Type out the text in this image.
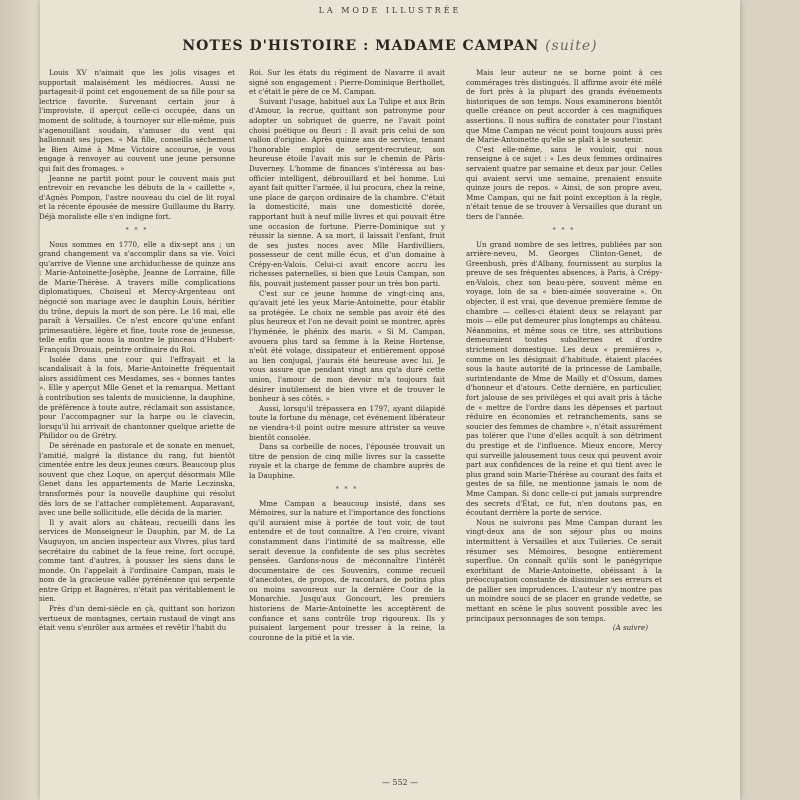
LA MODE ILLUSTRÉE
NOTES D'HISTOIRE : MADAME CAMPAN (suite)

Louis XV n'aimait que les jolis visages et supportait malaisément les médiocres. Aussi ne partageait-il point cet engouement de sa fille pour sa lectrice favorite. Survenant certain jour à l'improviste, il aperçut celle-ci occupée, dans un moment de solitude, à tournoyer sur elle-même, puis s'agenouillant soudain, s'amuser du vent qui ballonnait ses jupes. « Ma fille, conseilla sèchement le Bien Aimé à Mme Victoire accourue, je vous engage à renvoyer au couvent une jeune personne qui fait des fromages. »

Jeanne ne partit point pour le couvent mais put entrevoir en revanche les débuts de la « caillette », d'Agnès Pompon, l'astre nouveau du ciel de lit royal et la récente épousée de messire Guillaume du Barry. Déjà moraliste elle s'en indigne fort.

* * *

Nous sommes en 1770, elle a dix-sept ans ; un grand changement va s'accomplir dans sa vie. Voici qu'arrive de Vienne une archiduchesse de quinze ans : Marie-Antoinette-Josèphe, Jeanne de Lorraine, fille de Marie-Thérèse. A travers mille complications diplomatiques, Choiseul et Mercy-Argenteau ont négocié son mariage avec le dauphin Louis, héritier du trône, depuis la mort de son père. Le 16 mai, elle paraît à Versailles. Ce n'est encore qu'une enfant primesautière, légère et fine, toute rose de jeunesse, telle enfin que nous la montre le pinceau d'Hubert-François Drouais, peintre ordinaire du Roi.

Isolée dans une cour qui l'effrayait et la scandalisait à la fois, Marie-Antoinette fréquentait alors assidûment ces Mesdames, ses « bonnes tantes ». Elle y aperçut Mlle Genet et la remarqua. Mettant à contribution ses talents de musicienne, la dauphine, de préférence à toute autre, réclamait son assistance, pour l'accompagner sur la harpe ou le clavecin, lorsqu'il lui arrivait de chantonner quelque ariette de Philidor ou de Grétry.

De sérénade en pastorale et de sonate en menuet, l'amitié, malgré la distance du rang, fut bientôt cimentée entre les deux jeunes cœurs. Beaucoup plus souvent que chez Loque, on aperçut désormais Mlle Genet dans les appartements de Marie Leczinska, transformés pour la nouvelle dauphine qui résolut dès lors de se l'attacher complètement. Auparavant, avec une belle sollicitude, elle décida de la marier.

Il y avait alors au château, recueilli dans les services de Monseigneur le Dauphin, par M. de La Vauguyon, un ancien inspecteur aux Vivres, plus tard secrétaire du cabinet de la feue reine, fort occupé, comme tant d'autres, à pousser les siens dans le monde. On l'appelait à l'ordinaire Campan, mais le nom de la gracieuse vallée pyrénéenne qui serpente entre Gripp et Bagnères, n'était pas véritablement le sien.

Près d'un demi-siècle en çà, quittant son horizon vertueux de montagnes, certain rustaud de vingt ans était venu s'enrôler aux armées et revêtir l'habit du

Roi. Sur les états du régiment de Navarre il avait signé son engagement : Pierre-Dominique Berthollet, et c'était le père de ce M. Campan.

Suivant l'usage, habituel aux La Tulipe et aux Brin d'Amour, la recrue, quittant son patronyme pour adopter un sobriquet de guerre, ne l'avait point choisi poétique ou fleuri : Il avait pris celui de son vallon d'origine. Après quinze ans de service, tenant l'honorable emploi de sergent-recruteur, son heureuse étoile l'avait mis sur le chemin de Pâris-Duverney. L'homme de finances s'intéressa au bas-officier intelligent, débrouillard et bel homme. Lui ayant fait quitter l'armée, il lui procura, chez la reine, une place de garçon ordinaire de la chambre. C'était la domesticité, mais une domesticité dorée, rapportant huit à neuf mille livres et qui pouvait être une occasion de fortune. Pierre-Dominique sut y réussir la sienne. A sa mort, il laissait l'enfant, fruit de ses justes noces avec Mlle Hardivilliers, possesseur de cent mille écus, et d'un domaine à Crépy-en-Valois. Celui-ci avait encore accru les richesses paternelles, si bien que Louis Campan, son fils, pouvait justement passer pour un très bon parti.

C'est sur ce jeune homme de vingt-cinq ans, qu'avait jeté les yeux Marie-Antoinette, pour établir sa protégée. Le choix ne semble pas avoir été des plus heureux et l'on ne devait point se montrer, après l'hyménée, le phénix des maris. « Si M. Campan, avouera plus tard sa femme à la Reine Hortense, n'eût été volage, dissipateur et entièrement opposé au lien conjugal, j'aurais été heureuse avec lui. Je vous assure que pendant vingt ans qu'a duré cette union, l'amour de mon devoir m'a toujours fait désirer inutilement de bien vivre et de trouver le bonheur à ses côtés. »

Aussi, lorsqu'il trépassera en 1797, ayant dilapidé toute la fortune du ménage, cet événement libérateur ne viendra-t-il point outre mesure attrister sa veuve bientôt consolée.

Dans sa corbeille de noces, l'épousée trouvait un titre de pension de cinq mille livres sur la cassette royale et la charge de femme de chambre auprès de la Dauphine.

* * *

Mme Campan a beaucoup insisté, dans ses Mémoires, sur la nature et l'importance des fonctions qu'il auraient mise à portée de tout voir, de tout entendre et de tout connaître. A l'en croire, vivant constamment dans l'intimité de sa maîtresse, elle serait devenue la confidente de ses plus secrètes pensées. Gardons-nous de méconnaître l'intérêt documentaire de ces Souvenirs, comme recueil d'anecdotes, de propos, de racontars, de potins plus ou moins savoureux sur la dernière Cour de la Monarchie. Jusqu'aux Goncourt, les premiers historiens de Marie-Antoinette les acceptèrent de confiance et sans contrôle trop rigoureux. Ils y puisaient largement pour tresser à la reine, la couronne de la pitié et la vie.

Mais leur auteur ne se borne point à ces commérages très distingués. Il affirme avoir été mêlé de fort près à la plupart des grands événements historiques de son temps. Nous examinerons bientôt quelle créance on peut accorder à ces magnifiques assertions. Il nous suffira de constater pour l'instant que Mme Campan ne vécut point toujours aussi près de Marie-Antoinette qu'elle se plaît à le soutenir.

C'est elle-même, sans le vouloir, qui nous renseigne à ce sujet : « Les deux femmes ordinaires servaient quatre par semaine et deux par jour. Celles qui avaient servi une semaine, prenaient ensuite quinze jours de repos. » Ainsi, de son propre aveu, Mme Campan, qui ne fait point exception à la règle, n'était tenue de se trouver à Versailles que durant un tiers de l'année.

* * *

Un grand nombre de ses lettres, publiées par son arrière-neveu, M. Georges Clinton-Genet, de Greenbush, près d'Albany, fournissent au surplus la preuve de ses fréquentes absences, à Paris, à Crépy-en-Valois, chez son beau-père, souvent même en voyage, loin de sa « bien-aimée souveraine ». On objecter, il est vrai, que devenue première femme de chambre — celles-ci étaient deux se relayant par mois — elle put demeurer plus longtemps au château. Néanmoins, et même sous ce titre, ses attributions demeuraient toutes subalternes et d'ordre strictement domestique. Les deux « premières », comme on les désignait d'habitude, étaient placées sous la haute autorité de la princesse de Lamballe, surintendante de Mme de Mailly et d'Ossum, dames d'honneur et d'atours. Cette dernière, en particulier, fort jalouse de ses privilèges et qui avait pris à tâche de « mettre de l'ordre dans les dépenses et partout réduire en économies et retranchements, sans se soucier des femmes de chambre », n'était assurément pas tolérer que l'une d'elles acquît à son détriment du prestige et de l'influence. Mieux encore, Mercy qui surveille jalousement tous ceux qui peuvent avoir part aux confidences de la reine et qui tient avec le plus grand soin Marie-Thérèse au courant des faits et gestes de sa fille, ne mentionne jamais le nom de Mme Campan. Si donc celle-ci put jamais surprendre des secrets d'État, ce fut, n'en doutons pas, en écoutant derrière la porte de service.

Nous ne suivrons pas Mme Campan durant les vingt-deux ans de son séjour plus ou moins intermittent à Versailles et aux Tuileries. Ce serait résumer ses Mémoires, besogne entièrement superflue. On connaît qu'ils sont le panégyrique exorbitant de Marie-Antoinette, obéissant à la préoccupation constante de dissimuler ses erreurs et de pallier ses imprudences. L'auteur n'y montre pas un moindre souci de se placer en grande vedette, se mettant en scène le plus souvent possible avec les principaux personnages de son temps.

(A suivre)
— 552 —
